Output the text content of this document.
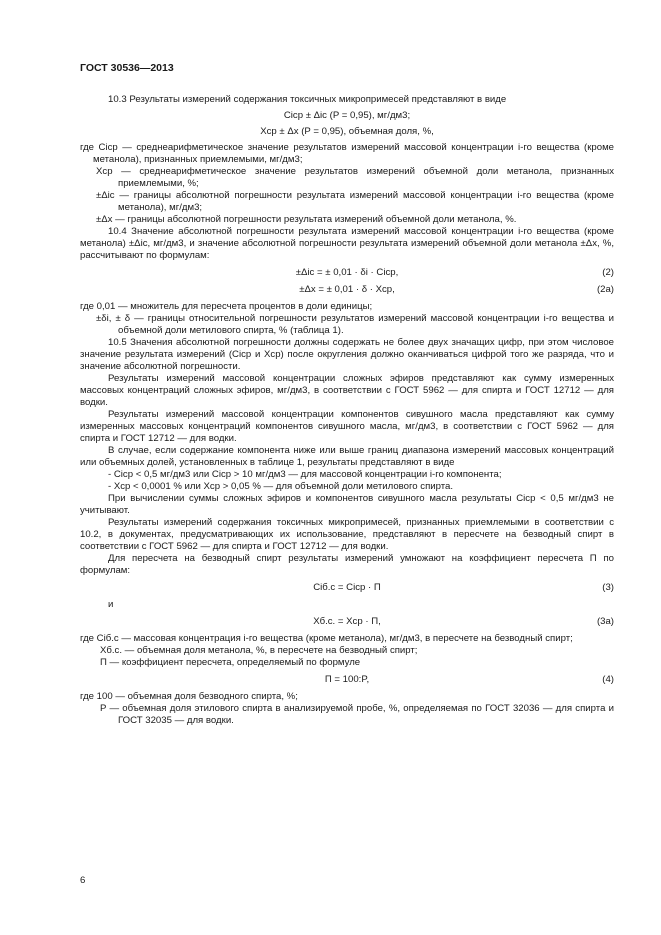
ГОСТ 30536—2013

10.3 Результаты измерений содержания токсичных микропримесей представляют в виде

Ciср ± Δic (P = 0,95), мг/дм3;
Xср ± Δx (P = 0,95), объемная доля, %,

где Ciср — среднеарифметическое значение результатов измерений массовой концентрации i-го вещества (кроме метанола), признанных приемлемыми, мг/дм3;

Xср — среднеарифметическое значение результатов измерений объемной доли метанола, признанных приемлемыми, %;

±Δic — границы абсолютной погрешности результата измерений массовой концентрации i-го вещества (кроме метанола), мг/дм3;

±Δx — границы абсолютной погрешности результата измерений объемной доли метанола, %.

10.4 Значение абсолютной погрешности результата измерений массовой концентрации i-го вещества (кроме метанола) ±Δic, мг/дм3, и значение абсолютной погрешности результата измерений объемной доли метанола ±Δx, %, рассчитывают по формулам:

±Δic = ± 0,01 · δi · Ciср,	(2)
±Δx = ± 0,01 · δ · Xср,	(2a)

где 0,01 — множитель для пересчета процентов в доли единицы;

±δi, ± δ — границы относительной погрешности результатов измерений массовой концентрации i-го вещества и объемной доли метилового спирта, % (таблица 1).

10.5 Значения абсолютной погрешности должны содержать не более двух значащих цифр, при этом числовое значение результата измерений (Ciср и Xср) после округления должно оканчиваться цифрой того же разряда, что и значение абсолютной погрешности.

Результаты измерений массовой концентрации сложных эфиров представляют как сумму измеренных массовых концентраций сложных эфиров, мг/дм3, в соответствии с ГОСТ 5962 — для спирта и ГОСТ 12712 — для водки.

Результаты измерений массовой концентрации компонентов сивушного масла представляют как сумму измеренных массовых концентраций компонентов сивушного масла, мг/дм3, в соответствии с ГОСТ 5962 — для спирта и ГОСТ 12712 — для водки.

В случае, если содержание компонента ниже или выше границ диапазона измерений массовых концентраций или объемных долей, установленных в таблице 1, результаты представляют в виде

- Ciср < 0,5 мг/дм3 или Ciср > 10 мг/дм3 — для массовой концентрации i-го компонента;

- Xср < 0,0001 % или Xср > 0,05 % — для объемной доли метилового спирта.

При вычислении суммы сложных эфиров и компонентов сивушного масла результаты Ciср < 0,5 мг/дм3 не учитывают.

Результаты измерений содержания токсичных микропримесей, признанных приемлемыми в соответствии с 10.2, в документах, предусматривающих их использование, представляют в пересчете на безводный спирт в соответствии с ГОСТ 5962 — для спирта и ГОСТ 12712 — для водки.

Для пересчета на безводный спирт результаты измерений умножают на коэффициент пересчета П по формулам:

Ciб.с = Ciср · П	(3)

и

Xб.с. = Xср · П,	(3a)

где Ciб.с — массовая концентрация i-го вещества (кроме метанола), мг/дм3, в пересчете на безводный спирт;

Xб.с. — объемная доля метанола, %, в пересчете на безводный спирт;

П — коэффициент пересчета, определяемый по формуле

П = 100:P,	(4)

где 100 — объемная доля безводного спирта, %;

P — объемная доля этилового спирта в анализируемой пробе, %, определяемая по ГОСТ 32036 — для спирта и ГОСТ 32035 — для водки.

6
